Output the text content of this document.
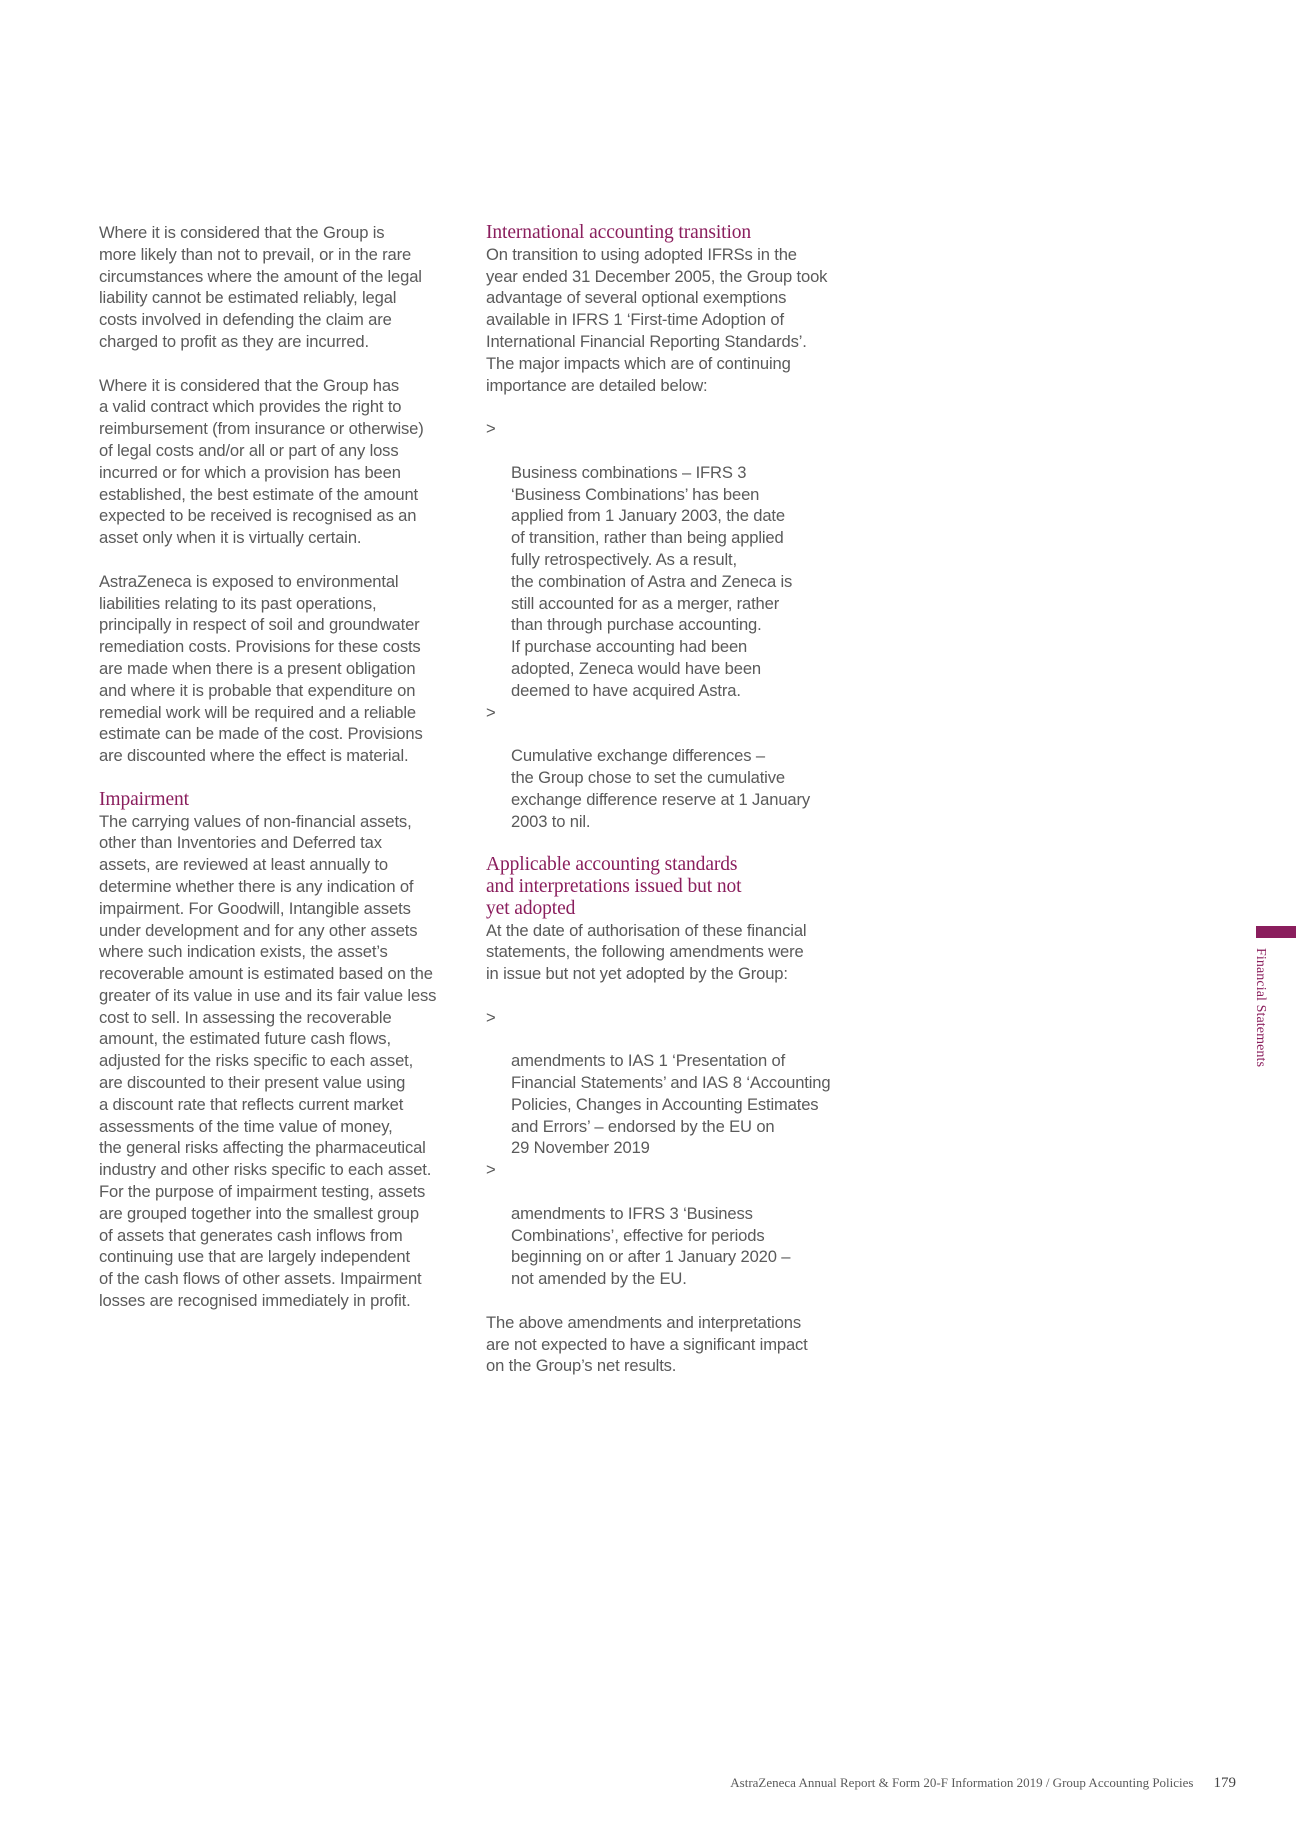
Where it is considered that the Group is
more likely than not to prevail, or in the rare
circumstances where the amount of the legal
liability cannot be estimated reliably, legal
costs involved in defending the claim are
charged to profit as they are incurred.

Where it is considered that the Group has
a valid contract which provides the right to
reimbursement (from insurance or otherwise)
of legal costs and/or all or part of any loss
incurred or for which a provision has been
established, the best estimate of the amount
expected to be received is recognised as an
asset only when it is virtually certain.

AstraZeneca is exposed to environmental
liabilities relating to its past operations,
principally in respect of soil and groundwater
remediation costs. Provisions for these costs
are made when there is a present obligation
and where it is probable that expenditure on
remedial work will be required and a reliable
estimate can be made of the cost. Provisions
are discounted where the effect is material.

Impairment

The carrying values of non-financial assets,
other than Inventories and Deferred tax
assets, are reviewed at least annually to
determine whether there is any indication of
impairment. For Goodwill, Intangible assets
under development and for any other assets
where such indication exists, the asset’s
recoverable amount is estimated based on the
greater of its value in use and its fair value less
cost to sell. In assessing the recoverable
amount, the estimated future cash flows,
adjusted for the risks specific to each asset,
are discounted to their present value using
a discount rate that reflects current market
assessments of the time value of money,
the general risks affecting the pharmaceutical
industry and other risks specific to each asset.
For the purpose of impairment testing, assets
are grouped together into the smallest group
of assets that generates cash inflows from
continuing use that are largely independent
of the cash flows of other assets. Impairment
losses are recognised immediately in profit.

International accounting transition

On transition to using adopted IFRSs in the
year ended 31 December 2005, the Group took
advantage of several optional exemptions
available in IFRS 1 ‘First-time Adoption of
International Financial Reporting Standards’.
The major impacts which are of continuing
importance are detailed below:

>

Business combinations – IFRS 3
‘Business Combinations’ has been
applied from 1 January 2003, the date
of transition, rather than being applied
fully retrospectively. As a result,
the combination of Astra and Zeneca is
still accounted for as a merger, rather
than through purchase accounting.
If purchase accounting had been
adopted, Zeneca would have been
deemed to have acquired Astra.

>

Cumulative exchange differences –
the Group chose to set the cumulative
exchange difference reserve at 1 January
2003 to nil.

Applicable accounting standards
and interpretations issued but not
yet adopted

At the date of authorisation of these financial
statements, the following amendments were
in issue but not yet adopted by the Group:

>

amendments to IAS 1 ‘Presentation of
Financial Statements’ and IAS 8 ‘Accounting
Policies, Changes in Accounting Estimates
and Errors’ – endorsed by the EU on
29 November 2019

>

amendments to IFRS 3 ‘Business
Combinations’, effective for periods
beginning on or after 1 January 2020 –
not amended by the EU.

The above amendments and interpretations
are not expected to have a significant impact
on the Group’s net results.

Financial Statements
AstraZeneca Annual Report & Form 20-F Information 2019 / Group Accounting Policies 179
